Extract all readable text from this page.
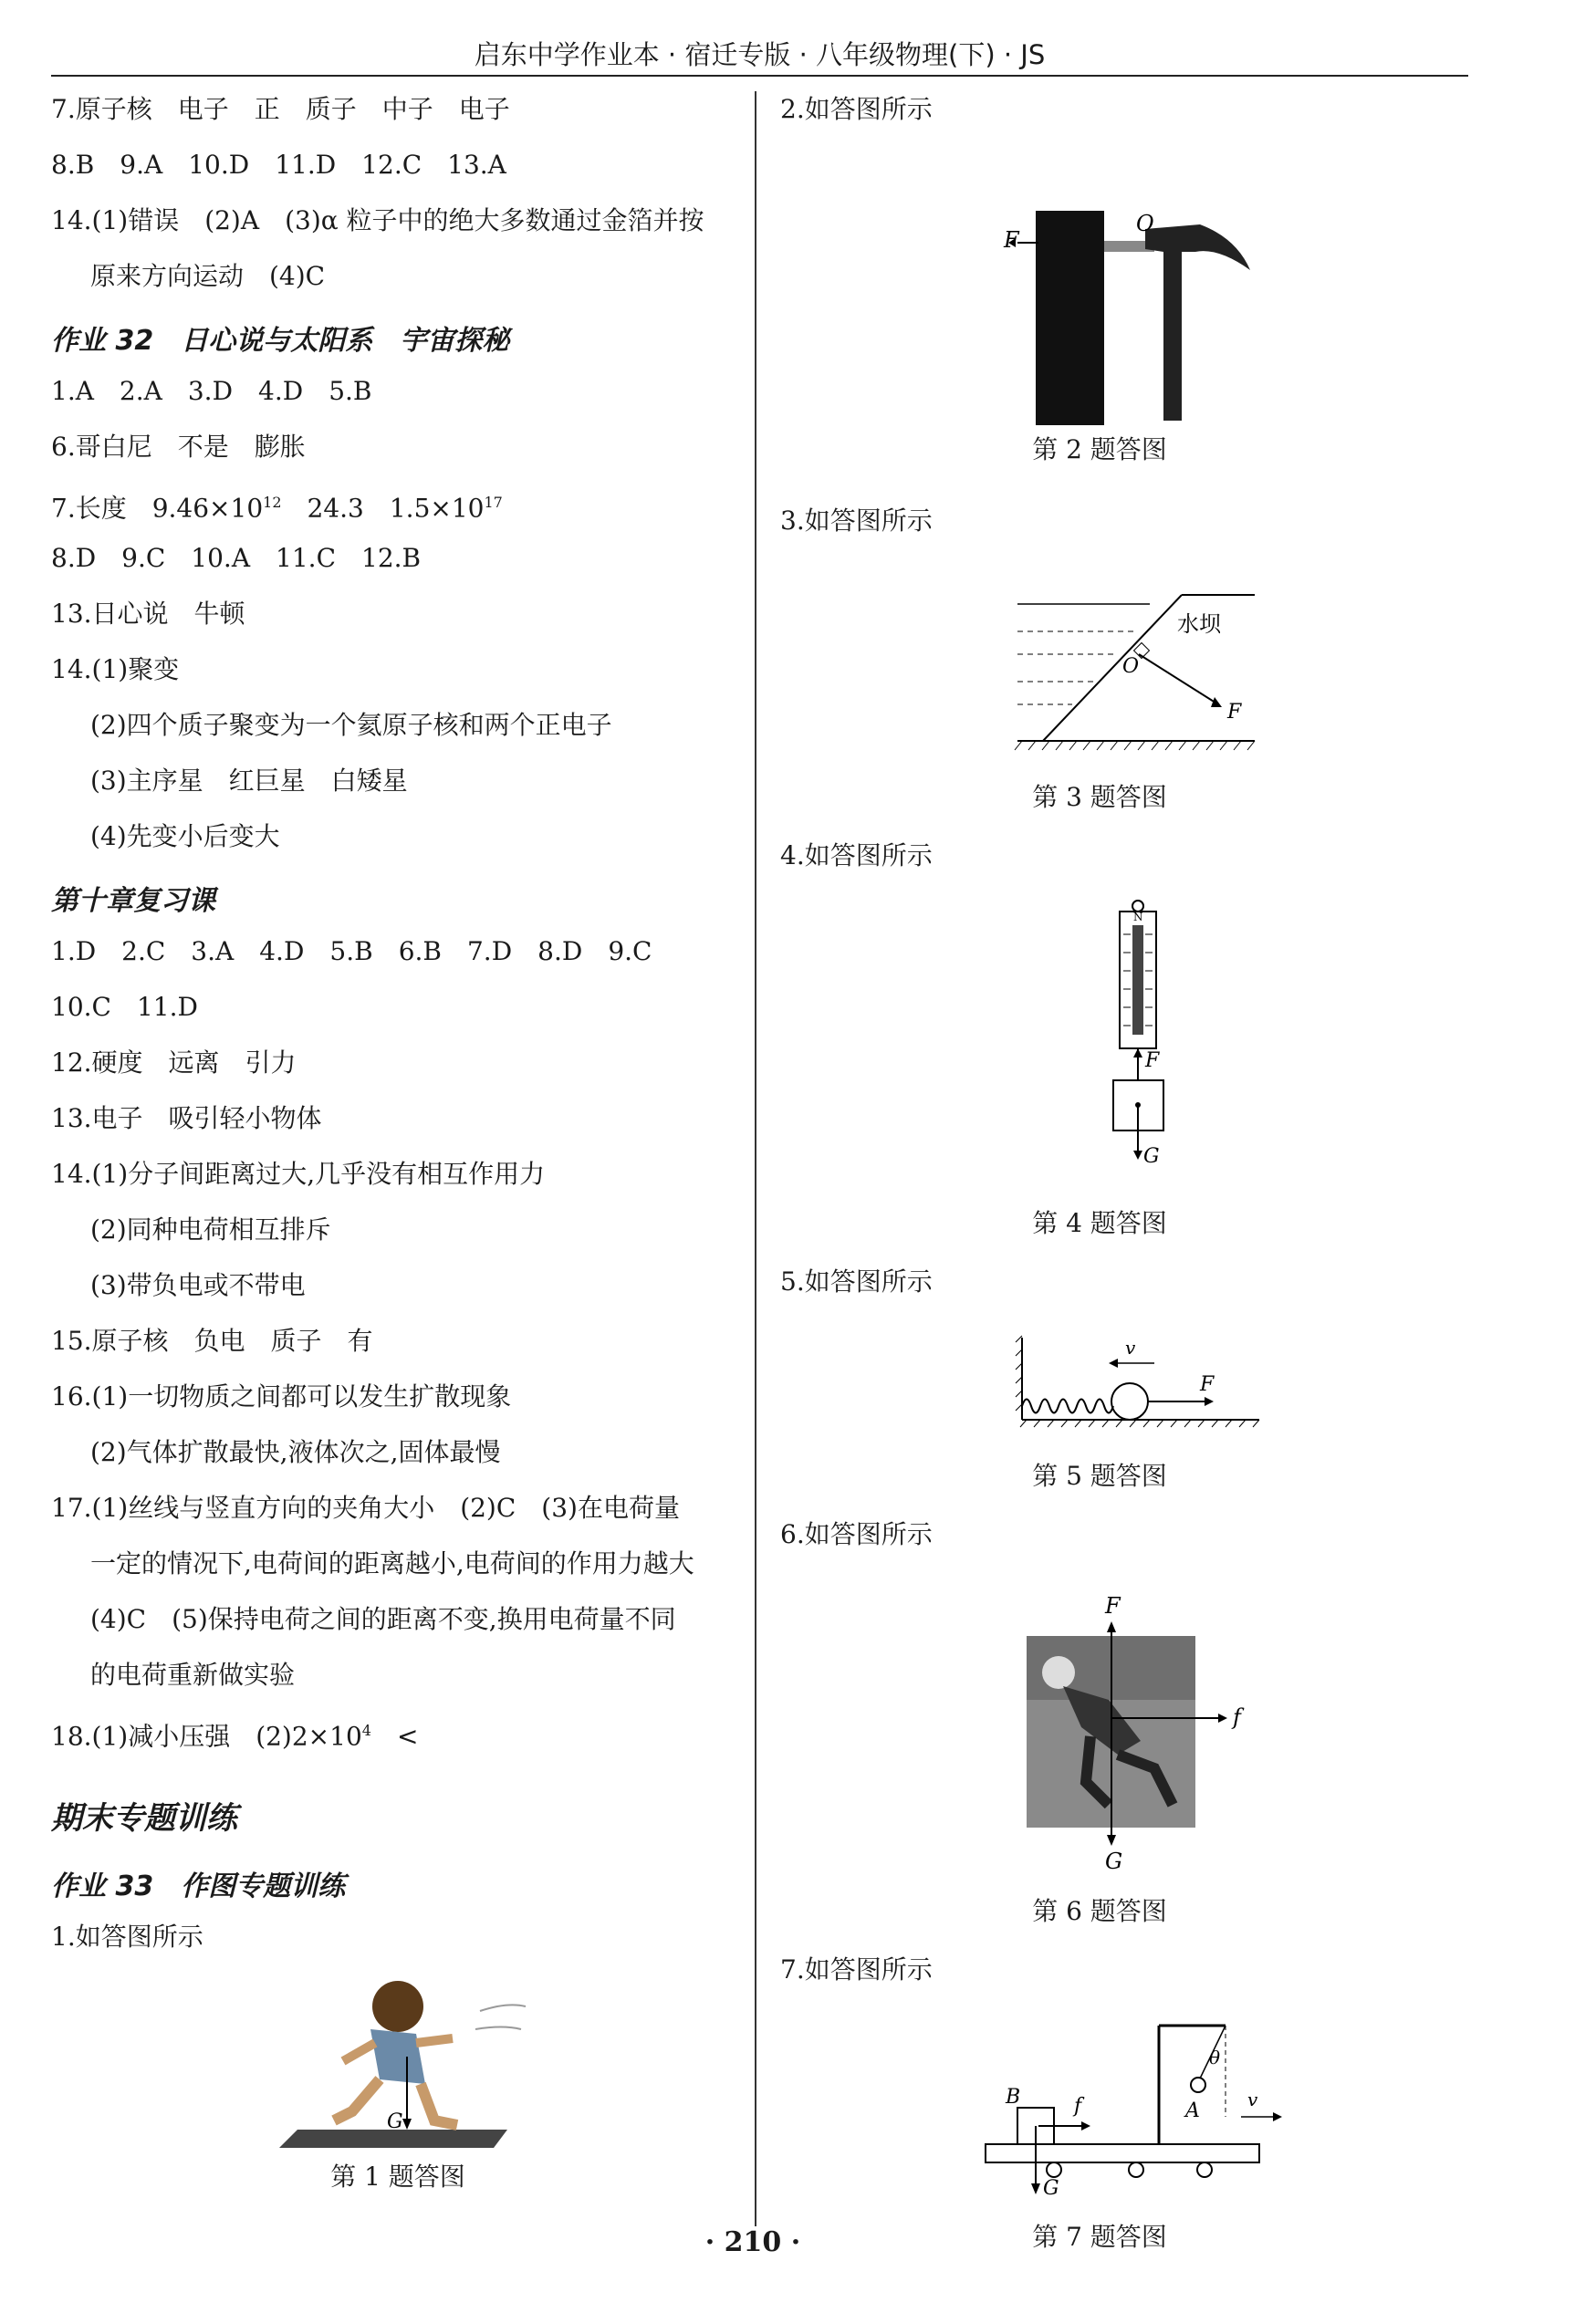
启东中学作业本 · 宿迁专版 · 八年级物理(下) · JS
7.原子核　电子　正　质子　中子　电子
8.B　9.A　10.D　11.D　12.C　13.A
14.(1)错误　(2)A　(3)α 粒子中的绝大多数通过金箔并按
原来方向运动　(4)C
作业 32　日心说与太阳系　宇宙探秘
1.A　2.A　3.D　4.D　5.B
6.哥白尼　不是　膨胀
7.长度　$9.46\times 10^{12}$　24.3　$1.5\times 10^{17}$
8.D　9.C　10.A　11.C　12.B
13.日心说　牛顿
14.(1)聚变
(2)四个质子聚变为一个氦原子核和两个正电子
(3)主序星　红巨星　白矮星
(4)先变小后变大
第十章复习课
1.D　2.C　3.A　4.D　5.B　6.B　7.D　8.D　9.C
10.C　11.D
12.硬度　远离　引力
13.电子　吸引轻小物体
14.(1)分子间距离过大,几乎没有相互作用力
(2)同种电荷相互排斥
(3)带负电或不带电
15.原子核　负电　质子　有
16.(1)一切物质之间都可以发生扩散现象
(2)气体扩散最快,液体次之,固体最慢
17.(1)丝线与竖直方向的夹角大小　(2)C　(3)在电荷量
一定的情况下,电荷间的距离越小,电荷间的作用力越大
(4)C　(5)保持电荷之间的距离不变,换用电荷量不同
的电荷重新做实验
18.(1)减小压强　$(2)2\times 10^4$　<
期末专题训练
作业 33　作图专题训练
1.如答图所示
G
第 1 题答图
2.如答图所示
F
O
第 2 题答图
3.如答图所示
O
F
水坝
第 3 题答图
4.如答图所示
N
F
G
第 4 题答图
5.如答图所示
F
v
第 5 题答图
6.如答图所示
F
f
G
第 6 题答图
7.如答图所示
θ
A
B	f
G
v
第 7 题答图
· 210 ·
